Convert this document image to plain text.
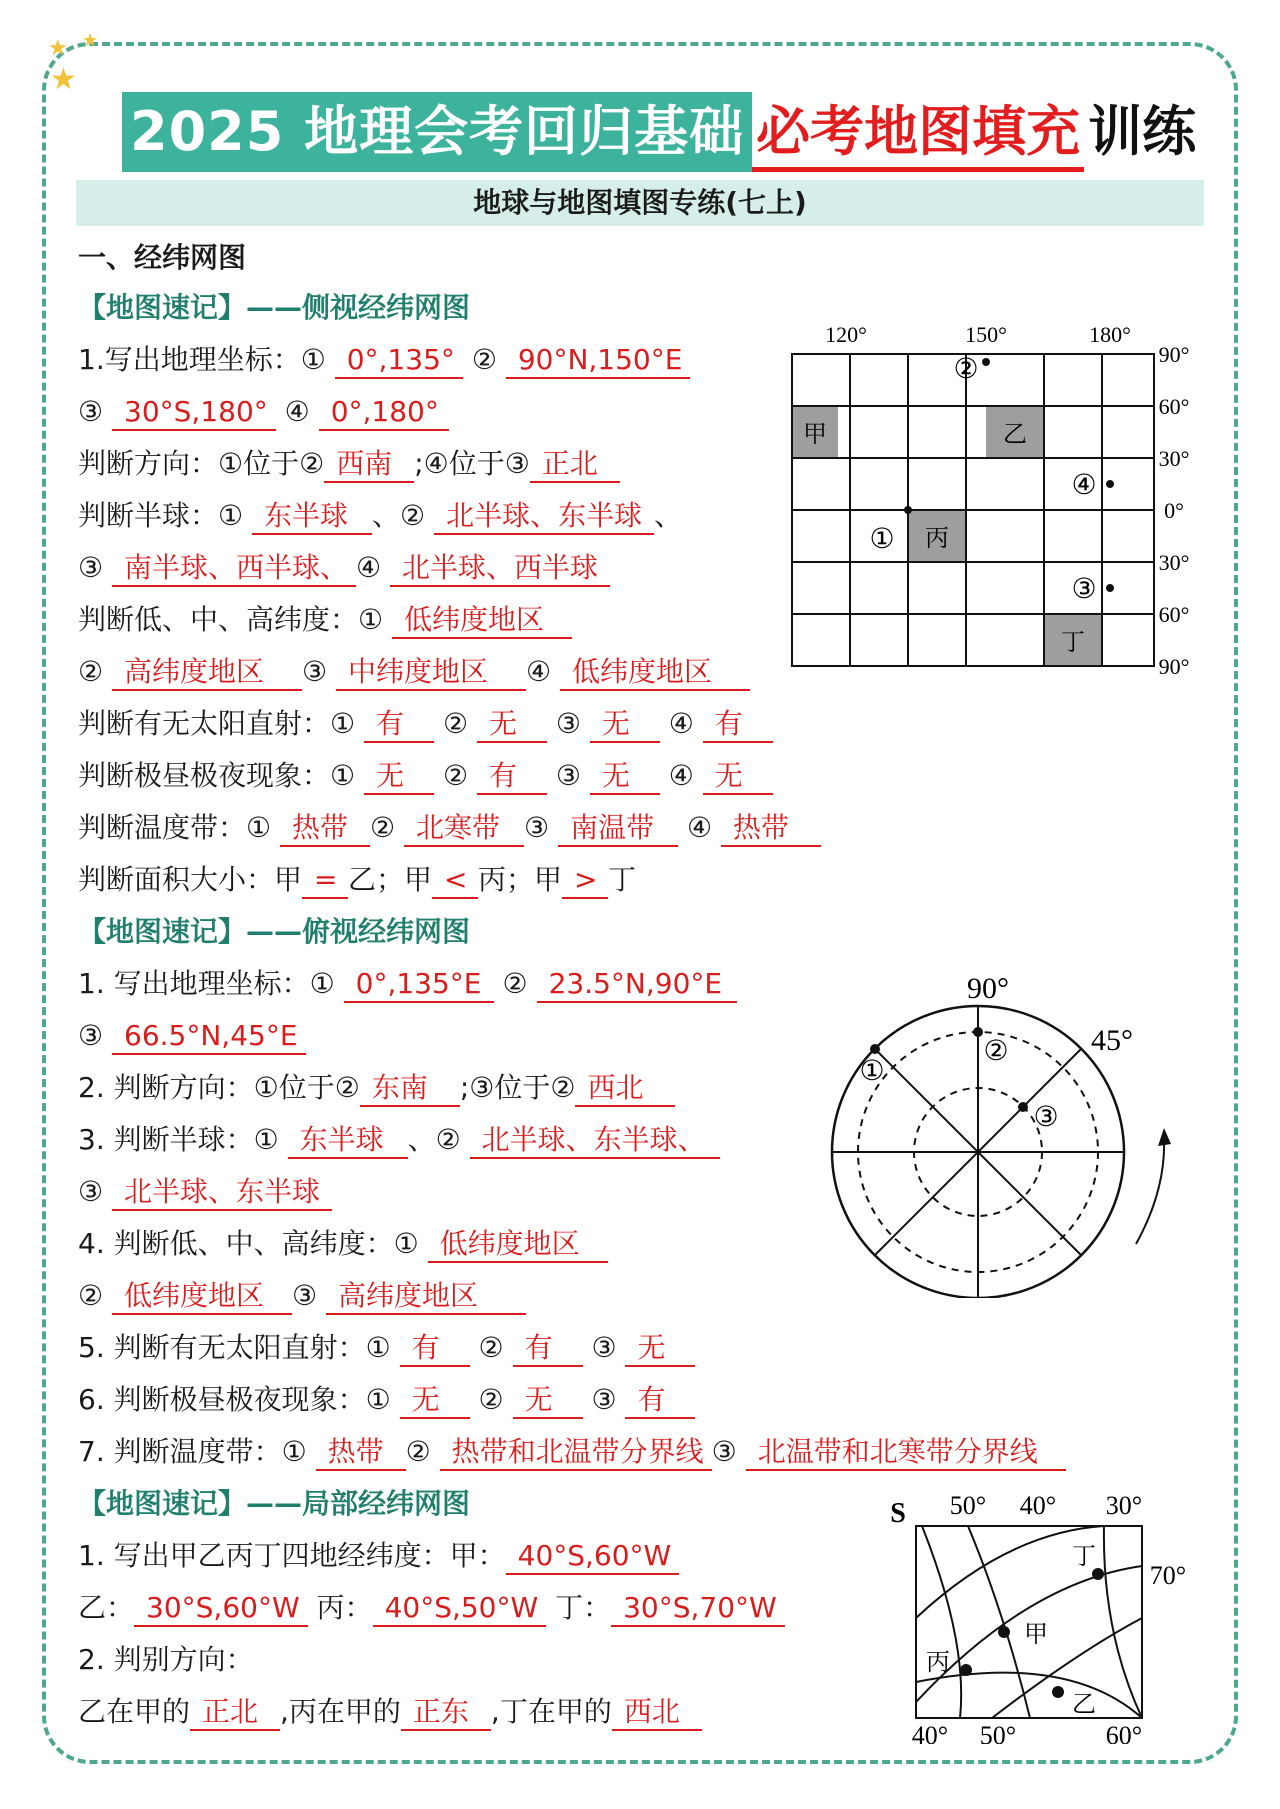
★ ★
★
2025 地理会考回归基础 必考地图填充 训练
地球与地图填图专练(七上)
一、经纬网图
【地图速记】——侧视经纬网图
1.写出地理坐标：① 0°,135° ② 90°N,150°E
③ 30°S,180° ④ 0°,180°
判断方向：①位于② 西南 ;④位于③ 正北
判断半球：① 东半球 、② 北半球、东半球 、
③ 南半球、西半球、 ④ 北半球、西半球
判断低、中、高纬度：① 低纬度地区
② 高纬度地区 ③ 中纬度地区 ④ 低纬度地区
判断有无太阳直射：① 有 ② 无 ③ 无 ④ 有
判断极昼极夜现象：① 无 ② 有 ③ 无 ④ 无
判断温度带：① 热带 ② 北寒带 ③ 南温带 ④ 热带
判断面积大小：甲 = 乙；甲 < 丙；甲 > 丁
【地图速记】——俯视经纬网图
1. 写出地理坐标：① 0°,135°E ② 23.5°N,90°E
③ 66.5°N,45°E
2. 判断方向：①位于② 东南 ;③位于② 西北
3. 判断半球：① 东半球 、② 北半球、东半球、
③ 北半球、东半球
4. 判断低、中、高纬度：① 低纬度地区
② 低纬度地区 ③ 高纬度地区
5. 判断有无太阳直射：① 有 ② 有 ③ 无
6. 判断极昼极夜现象：① 无 ② 无 ③ 有
7. 判断温度带：① 热带 ② 热带和北温带分界线 ③ 北温带和北寒带分界线
【地图速记】——局部经纬网图
1. 写出甲乙丙丁四地经纬度：甲： 40°S,60°W
乙： 30°S,60°W 丙： 40°S,50°W 丁： 30°S,70°W
2. 判别方向：
乙在甲的 正北 ,丙在甲的 正东 ,丁在甲的 西北
120°	150°	180°
甲	乙
丙
丁
①
②
③
④
90°
60°
30°
0°
30°
60°
90°
90°
45°
①
②
③
S 50° 40° 30°
丁
甲
丙
乙
70°
40° 50°	60°
